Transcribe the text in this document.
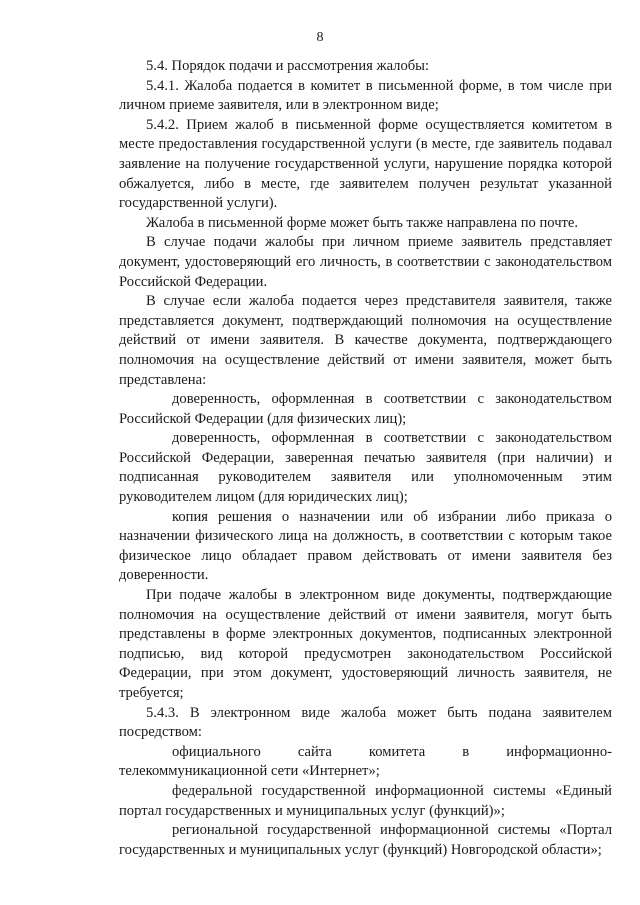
8

5.4. Порядок подачи и рассмотрения жалобы:

5.4.1. Жалоба подается в комитет в письменной форме, в том числе при личном приеме заявителя, или в электронном виде;

5.4.2. Прием жалоб в письменной форме осуществляется комитетом в месте предоставления государственной услуги (в месте, где заявитель подавал заявление на получение государственной услуги, нарушение порядка которой обжалуется, либо в месте, где заявителем получен результат указанной государственной услуги).

Жалоба в письменной форме может быть также направлена по почте.

В случае подачи жалобы при личном приеме заявитель представляет документ, удостоверяющий его личность, в соответствии с законодательством Российской Федерации.

В случае если жалоба подается через представителя заявителя, также представляется документ, подтверждающий полномочия на осуществление действий от имени заявителя. В качестве документа, подтверждающего полномочия на осуществление действий от имени заявителя, может быть представлена:

доверенность, оформленная в соответствии с законодательством Российской Федерации (для физических лиц);

доверенность, оформленная в соответствии с законодательством Российской Федерации, заверенная печатью заявителя (при наличии) и подписанная руководителем заявителя или уполномоченным этим руководителем лицом (для юридических лиц);

копия решения о назначении или об избрании либо приказа о назначении физического лица на должность, в соответствии с которым такое физическое лицо обладает правом действовать от имени заявителя без доверенности.

При подаче жалобы в электронном виде документы, подтверждающие полномочия на осуществление действий от имени заявителя, могут быть представлены в форме электронных документов, подписанных электронной подписью, вид которой предусмотрен законодательством Российской Федерации, при этом документ, удостоверяющий личность заявителя, не требуется;

5.4.3. В электронном виде жалоба может быть подана заявителем посредством:

официального сайта комитета в информационно-телекоммуникационной сети «Интернет»;

федеральной государственной информационной системы «Единый портал государственных и муниципальных услуг (функций)»;

региональной государственной информационной системы «Портал государственных и муниципальных услуг (функций) Новгородской области»;
